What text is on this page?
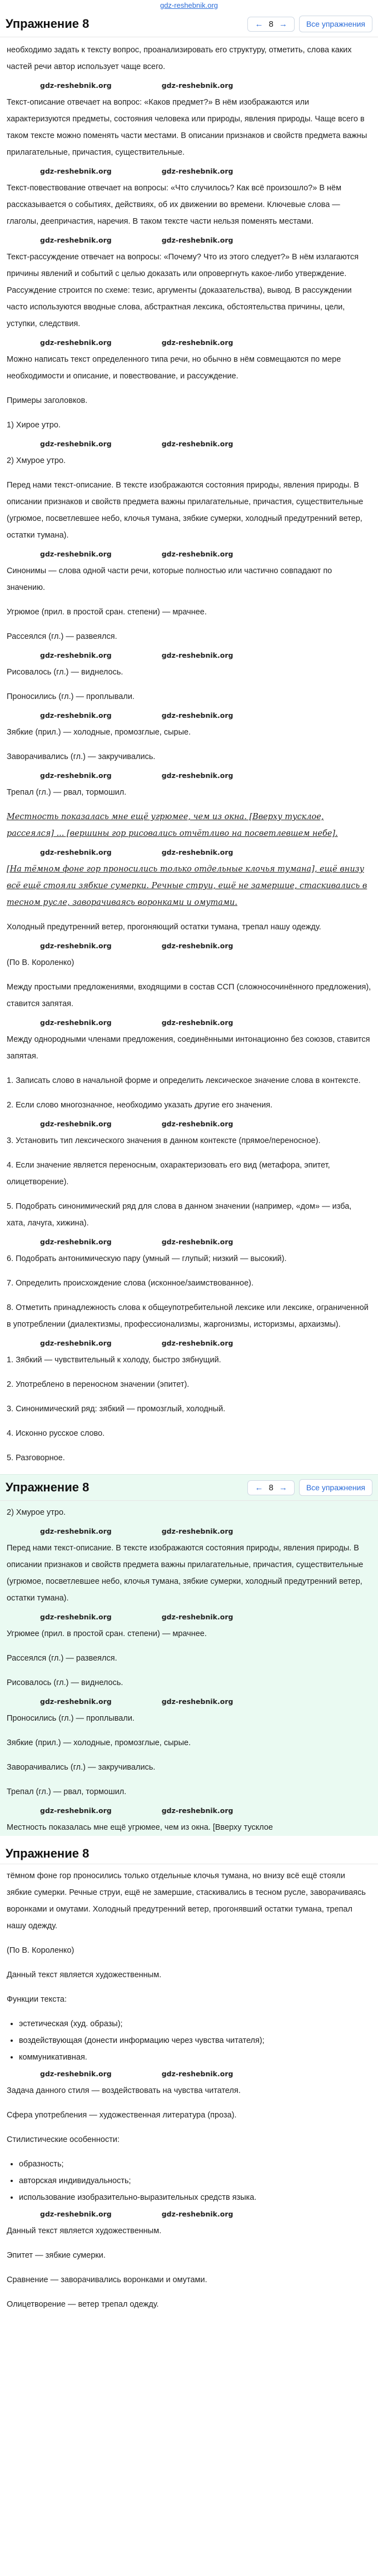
gdz-reshebnik.org
Упражнение 8	← 8 →	Все упражнения

необходимо задать к тексту вопрос, проанализировать его структуру, отметить, слова каких частей речи автор использует чаще всего.

gdz-reshebnik.org	gdz-reshebnik.org

Текст-описание отвечает на вопрос: «Каков предмет?» В нём изображаются или характеризуются предметы, состояния человека или природы, явления природы. Чаще всего в таком тексте можно поменять части местами. В описании признаков и свойств предмета важны прилагательные, причастия, существительные.

gdz-reshebnik.org	gdz-reshebnik.org

Текст-повествование отвечает на вопросы: «Что случилось? Как всё произошло?» В нём рассказывается о событиях, действиях, об их движении во времени. Ключевые слова — глаголы, деепричастия, наречия. В таком тексте части нельзя поменять местами.

gdz-reshebnik.org	gdz-reshebnik.org

Текст-рассуждение отвечает на вопросы: «Почему? Что из этого следует?» В нём излагаются причины явлений и событий с целью доказать или опровергнуть какое-либо утверждение. Рассуждение строится по схеме: тезис, аргументы (доказательства), вывод. В рассуждении часто используются вводные слова, абстрактная лексика, обстоятельства причины, цели, уступки, следствия.

gdz-reshebnik.org	gdz-reshebnik.org

Можно написать текст определенного типа речи, но обычно в нём совмещаются по мере необходимости и описание, и повествование, и рассуждение.

Примеры заголовков.

1) Хирое утро.

gdz-reshebnik.org	gdz-reshebnik.org

2) Хмурое утро.

Перед нами текст-описание. В тексте изображаются состояния природы, явления природы. В описании признаков и свойств предмета важны прилагательные, причастия, существительные (угрюмое, посветлевшее небо, клочья тумана, зябкие сумерки, холодный предутренний ветер, остатки тумана).

gdz-reshebnik.org	gdz-reshebnik.org

Синонимы — слова одной части речи, которые полностью или частично совпадают по значению.

Угрюмое (прил. в простой сран. степени) — мрачнее.

Рассеялся (гл.) — развеялся.

gdz-reshebnik.org	gdz-reshebnik.org

Рисовалось (гл.) — виднелось.

Проносились (гл.) — проплывали.

gdz-reshebnik.org	gdz-reshebnik.org

Зябкие (прил.) — холодные, промозглые, сырые.

Заворачивались (гл.) — закручивались.

gdz-reshebnik.org	gdz-reshebnik.org

Трепал (гл.) — рвал, тормошил.

Местность показалась мне ещё угрюмее, чем из окна. [Вверху тусклое, рассеялся] ... [вершины гор рисовались отчётливо на посветлевшем небе].

gdz-reshebnik.org	gdz-reshebnik.org

[На тёмном фоне гор проносились только отдельные клочья тумана], ещё внизу всё ещё стояли зябкие сумерки. Речные струи, ещё не замершие, стаскивались в тесном русле, заворачиваясь воронками и омутами.

Холодный предутренний ветер, прогоняющий остатки тумана, трепал нашу одежду.

gdz-reshebnik.org	gdz-reshebnik.org

(По В. Короленко)

Между простыми предложениями, входящими в состав ССП (сложносочинённого предложения), ставится запятая.

gdz-reshebnik.org	gdz-reshebnik.org

Между однородными членами предложения, соединёнными интонационно без союзов, ставится запятая.

1. Записать слово в начальной форме и определить лексическое значение слова в контексте.

2. Если слово многозначное, необходимо указать другие его значения.

gdz-reshebnik.org	gdz-reshebnik.org

3. Установить тип лексического значения в данном контексте (прямое/переносное).

4. Если значение является переносным, охарактеризовать его вид (метафора, эпитет, олицетворение).

5. Подобрать синонимический ряд для слова в данном значении (например, «дом» — изба, хата, лачуга, хижина).

gdz-reshebnik.org	gdz-reshebnik.org

6. Подобрать антонимическую пару (умный — глупый; низкий — высокий).

7. Определить происхождение слова (исконное/заимствованное).

8. Отметить принадлежность слова к общеупотребительной лексике или лексике, ограниченной в употреблении (диалектизмы, профессионализмы, жаргонизмы, историзмы, архаизмы).

gdz-reshebnik.org	gdz-reshebnik.org

1. Зябкий — чувствительный к холоду, быстро зябнущий.

2. Употреблено в переносном значении (эпитет).

3. Синонимический ряд: зябкий — промозглый, холодный.

4. Исконно русское слово.

5. Разговорное.

Упражнение 8	← 8 →	Все упражнения

2) Хмурое утро.

gdz-reshebnik.org	gdz-reshebnik.org

Перед нами текст-описание. В тексте изображаются состояния природы, явления природы. В описании признаков и свойств предмета важны прилагательные, причастия, существительные (угрюмое, посветлевшее небо, клочья тумана, зябкие сумерки, холодный предутренний ветер, остатки тумана).

gdz-reshebnik.org	gdz-reshebnik.org

Угрюмее (прил. в простой сран. степени) — мрачнее.

Рассеялся (гл.) — развеялся.

Рисовалось (гл.) — виднелось.

gdz-reshebnik.org	gdz-reshebnik.org

Проносились (гл.) — проплывали.

Зябкие (прил.) — холодные, промозглые, сырые.

Заворачивались (гл.) — закручивались.

Трепал (гл.) — рвал, тормошил.

gdz-reshebnik.org	gdz-reshebnik.org

Местность показалась мне ещё угрюмее, чем из окна. [Вверху тусклое

Упражнение 8

тёмном фоне гор проносились только отдельные клочья тумана, но внизу всё ещё стояли зябкие сумерки. Речные струи, ещё не замершие, стаскивались в тесном русле, заворачиваясь воронками и омутами. Холодный предутренний ветер, прогонявший остатки тумана, трепал нашу одежду.

(По В. Короленко)

Данный текст является художественным.

Функции текста:

• эстетическая (худ. образы);
• воздействующая (донести информацию через чувства читателя);
• коммуникативная.
gdz-reshebnik.org	gdz-reshebnik.org

Задача данного стиля — воздействовать на чувства читателя.

Сфера употребления — художественная литература (проза).

Стилистические особенности:

• образность;
• авторская индивидуальность;
• использование изобразительно-выразительных средств языка.
gdz-reshebnik.org	gdz-reshebnik.org

Данный текст является художественным.

Эпитет — зябкие сумерки.

Сравнение — заворачивались воронками и омутами.

Олицетворение — ветер трепал одежду.
